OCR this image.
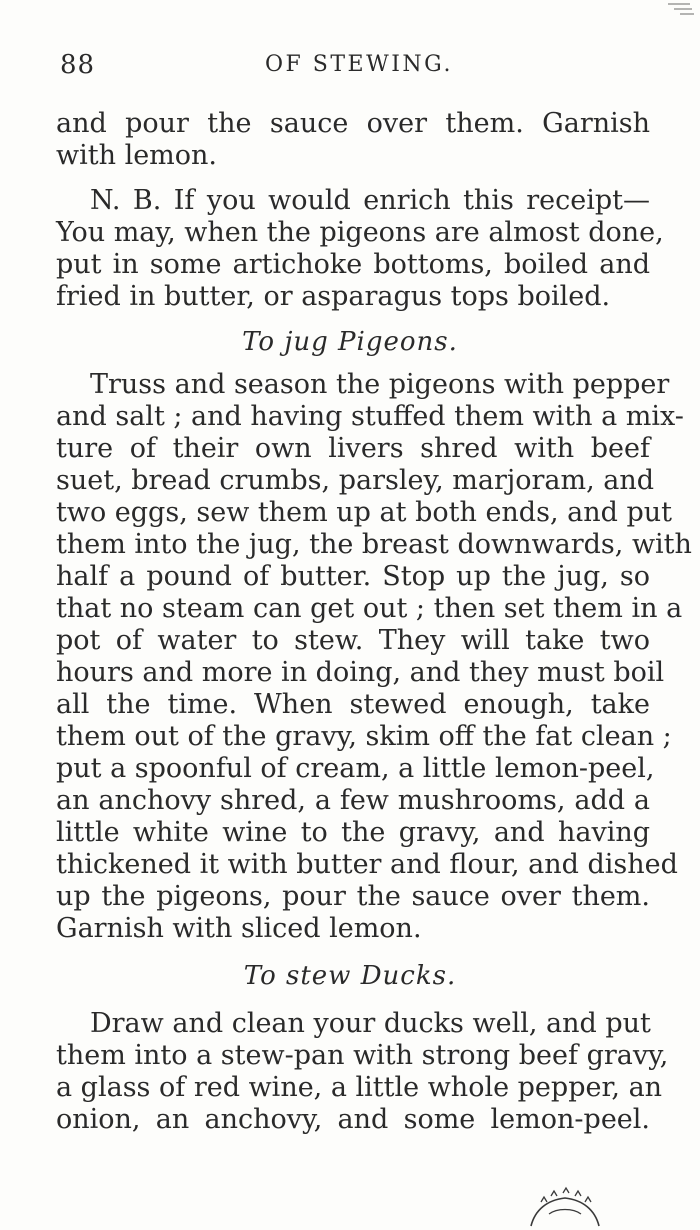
88	OF STEWING.
and pour the sauce over them. Garnish
with lemon.
N. B. If you would enrich this receipt—
You may, when the pigeons are almost done,
put in some artichoke bottoms, boiled and
fried in butter, or asparagus tops boiled.
To jug Pigeons.
Truss and season the pigeons with pepper
and salt ; and having stuffed them with a mix-
ture of their own livers shred with beef
suet, bread crumbs, parsley, marjoram, and
two eggs, sew them up at both ends, and put
them into the jug, the breast downwards, with
half a pound of butter. Stop up the jug, so
that no steam can get out ; then set them in a
pot of water to stew. They will take two
hours and more in doing, and they must boil
all the time. When stewed enough, take
them out of the gravy, skim off the fat clean ;
put a spoonful of cream, a little lemon-peel,
an anchovy shred, a few mushrooms, add a
little white wine to the gravy, and having
thickened it with butter and flour, and dished
up the pigeons, pour the sauce over them.
Garnish with sliced lemon.
To stew Ducks.
Draw and clean your ducks well, and put
them into a stew-pan with strong beef gravy,
a glass of red wine, a little whole pepper, an
onion, an anchovy, and some lemon-peel.
